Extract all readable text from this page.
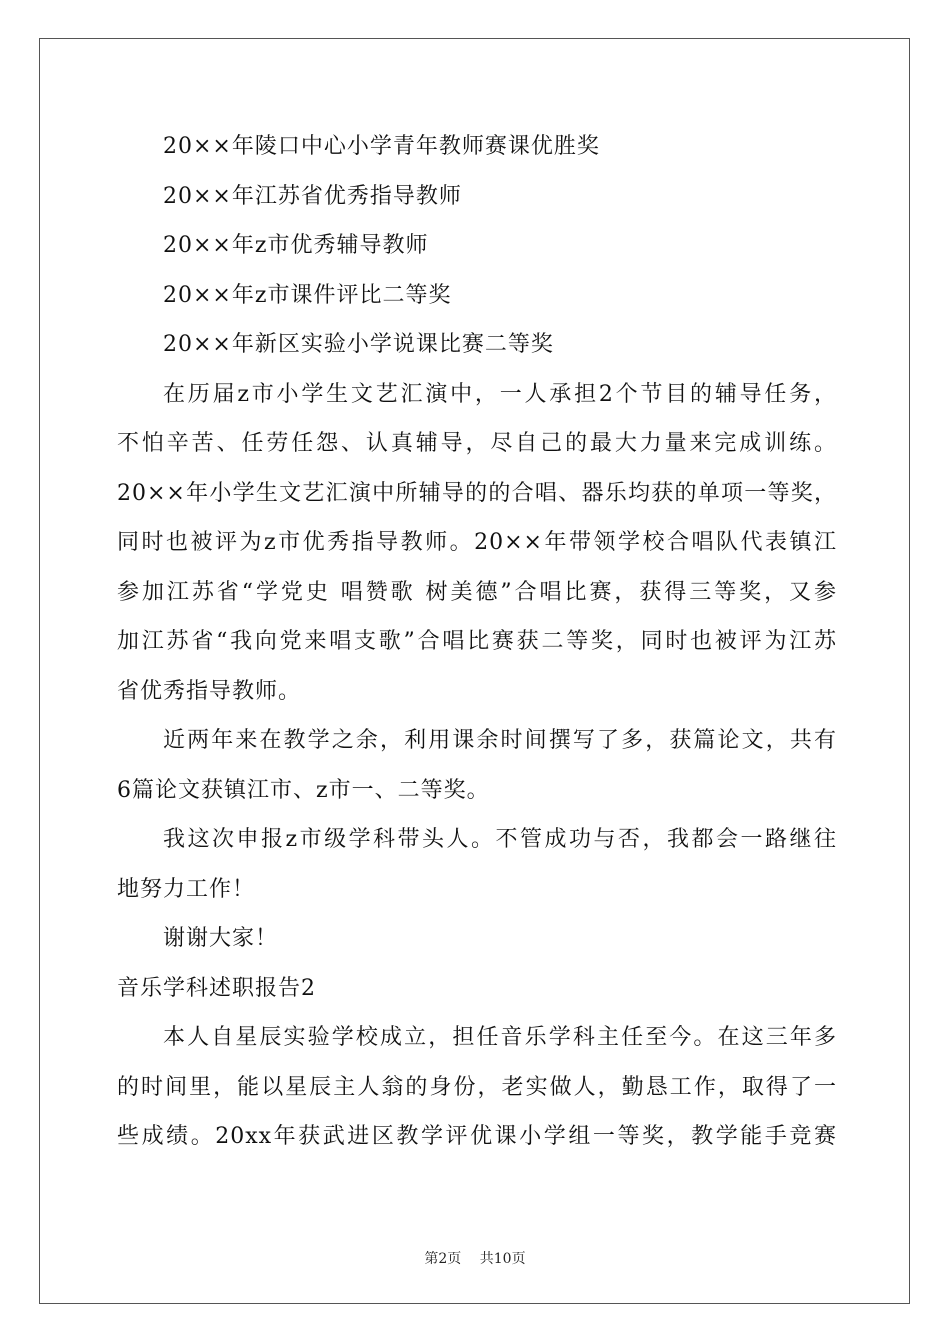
20××年陵口中心小学青年教师赛课优胜奖
20××年江苏省优秀指导教师
20××年z市优秀辅导教师
20××年z市课件评比二等奖
20××年新区实验小学说课比赛二等奖
在历届z市小学生文艺汇演中，一人承担2个节目的辅导任务，
不怕辛苦、任劳任怨、认真辅导，尽自己的最大力量来完成训练。
20××年小学生文艺汇演中所辅导的的合唱、器乐均获的单项一等奖，
同时也被评为z市优秀指导教师。20××年带领学校合唱队代表镇江
参加江苏省“学党史 唱赞歌 树美德”合唱比赛，获得三等奖，又参
加江苏省“我向党来唱支歌”合唱比赛获二等奖，同时也被评为江苏
省优秀指导教师。
近两年来在教学之余，利用课余时间撰写了多，获篇论文，共有
6篇论文获镇江市、z市一、二等奖。
我这次申报z市级学科带头人。不管成功与否，我都会一路继往
地努力工作！
谢谢大家！
音乐学科述职报告2
本人自星辰实验学校成立，担任音乐学科主任至今。在这三年多
的时间里，能以星辰主人翁的身份，老实做人，勤恳工作，取得了一
些成绩。20xx年获武进区教学评优课小学组一等奖，教学能手竞赛
第2页 共10页
